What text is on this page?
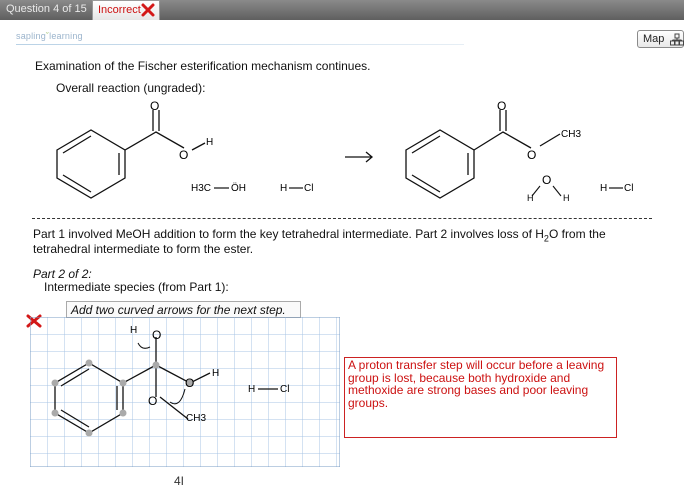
Question 4 of 15 Incorrect
saplingˇlearning	Map
Examination of the Fischer esterification mechanism continues.
Overall reaction (ungraded):
O
O
H
H3C ÖH	H Cl
O
O
CH3
O
H	H
H Cl
Part 1 involved MeOH addition to form the key tetrahedral intermediate. Part 2 involves loss of $H_2O$ from the
tetrahedral intermediate to form the ester.
Part 2 of 2:
Intermediate species (from Part 1):
Add two curved arrows for the next step.
H O
O
H
O
CH3
H Cl
A proton transfer step will occur before a leaving group is lost, because both hydroxide and methoxide are strong bases and poor leaving groups.
4I
